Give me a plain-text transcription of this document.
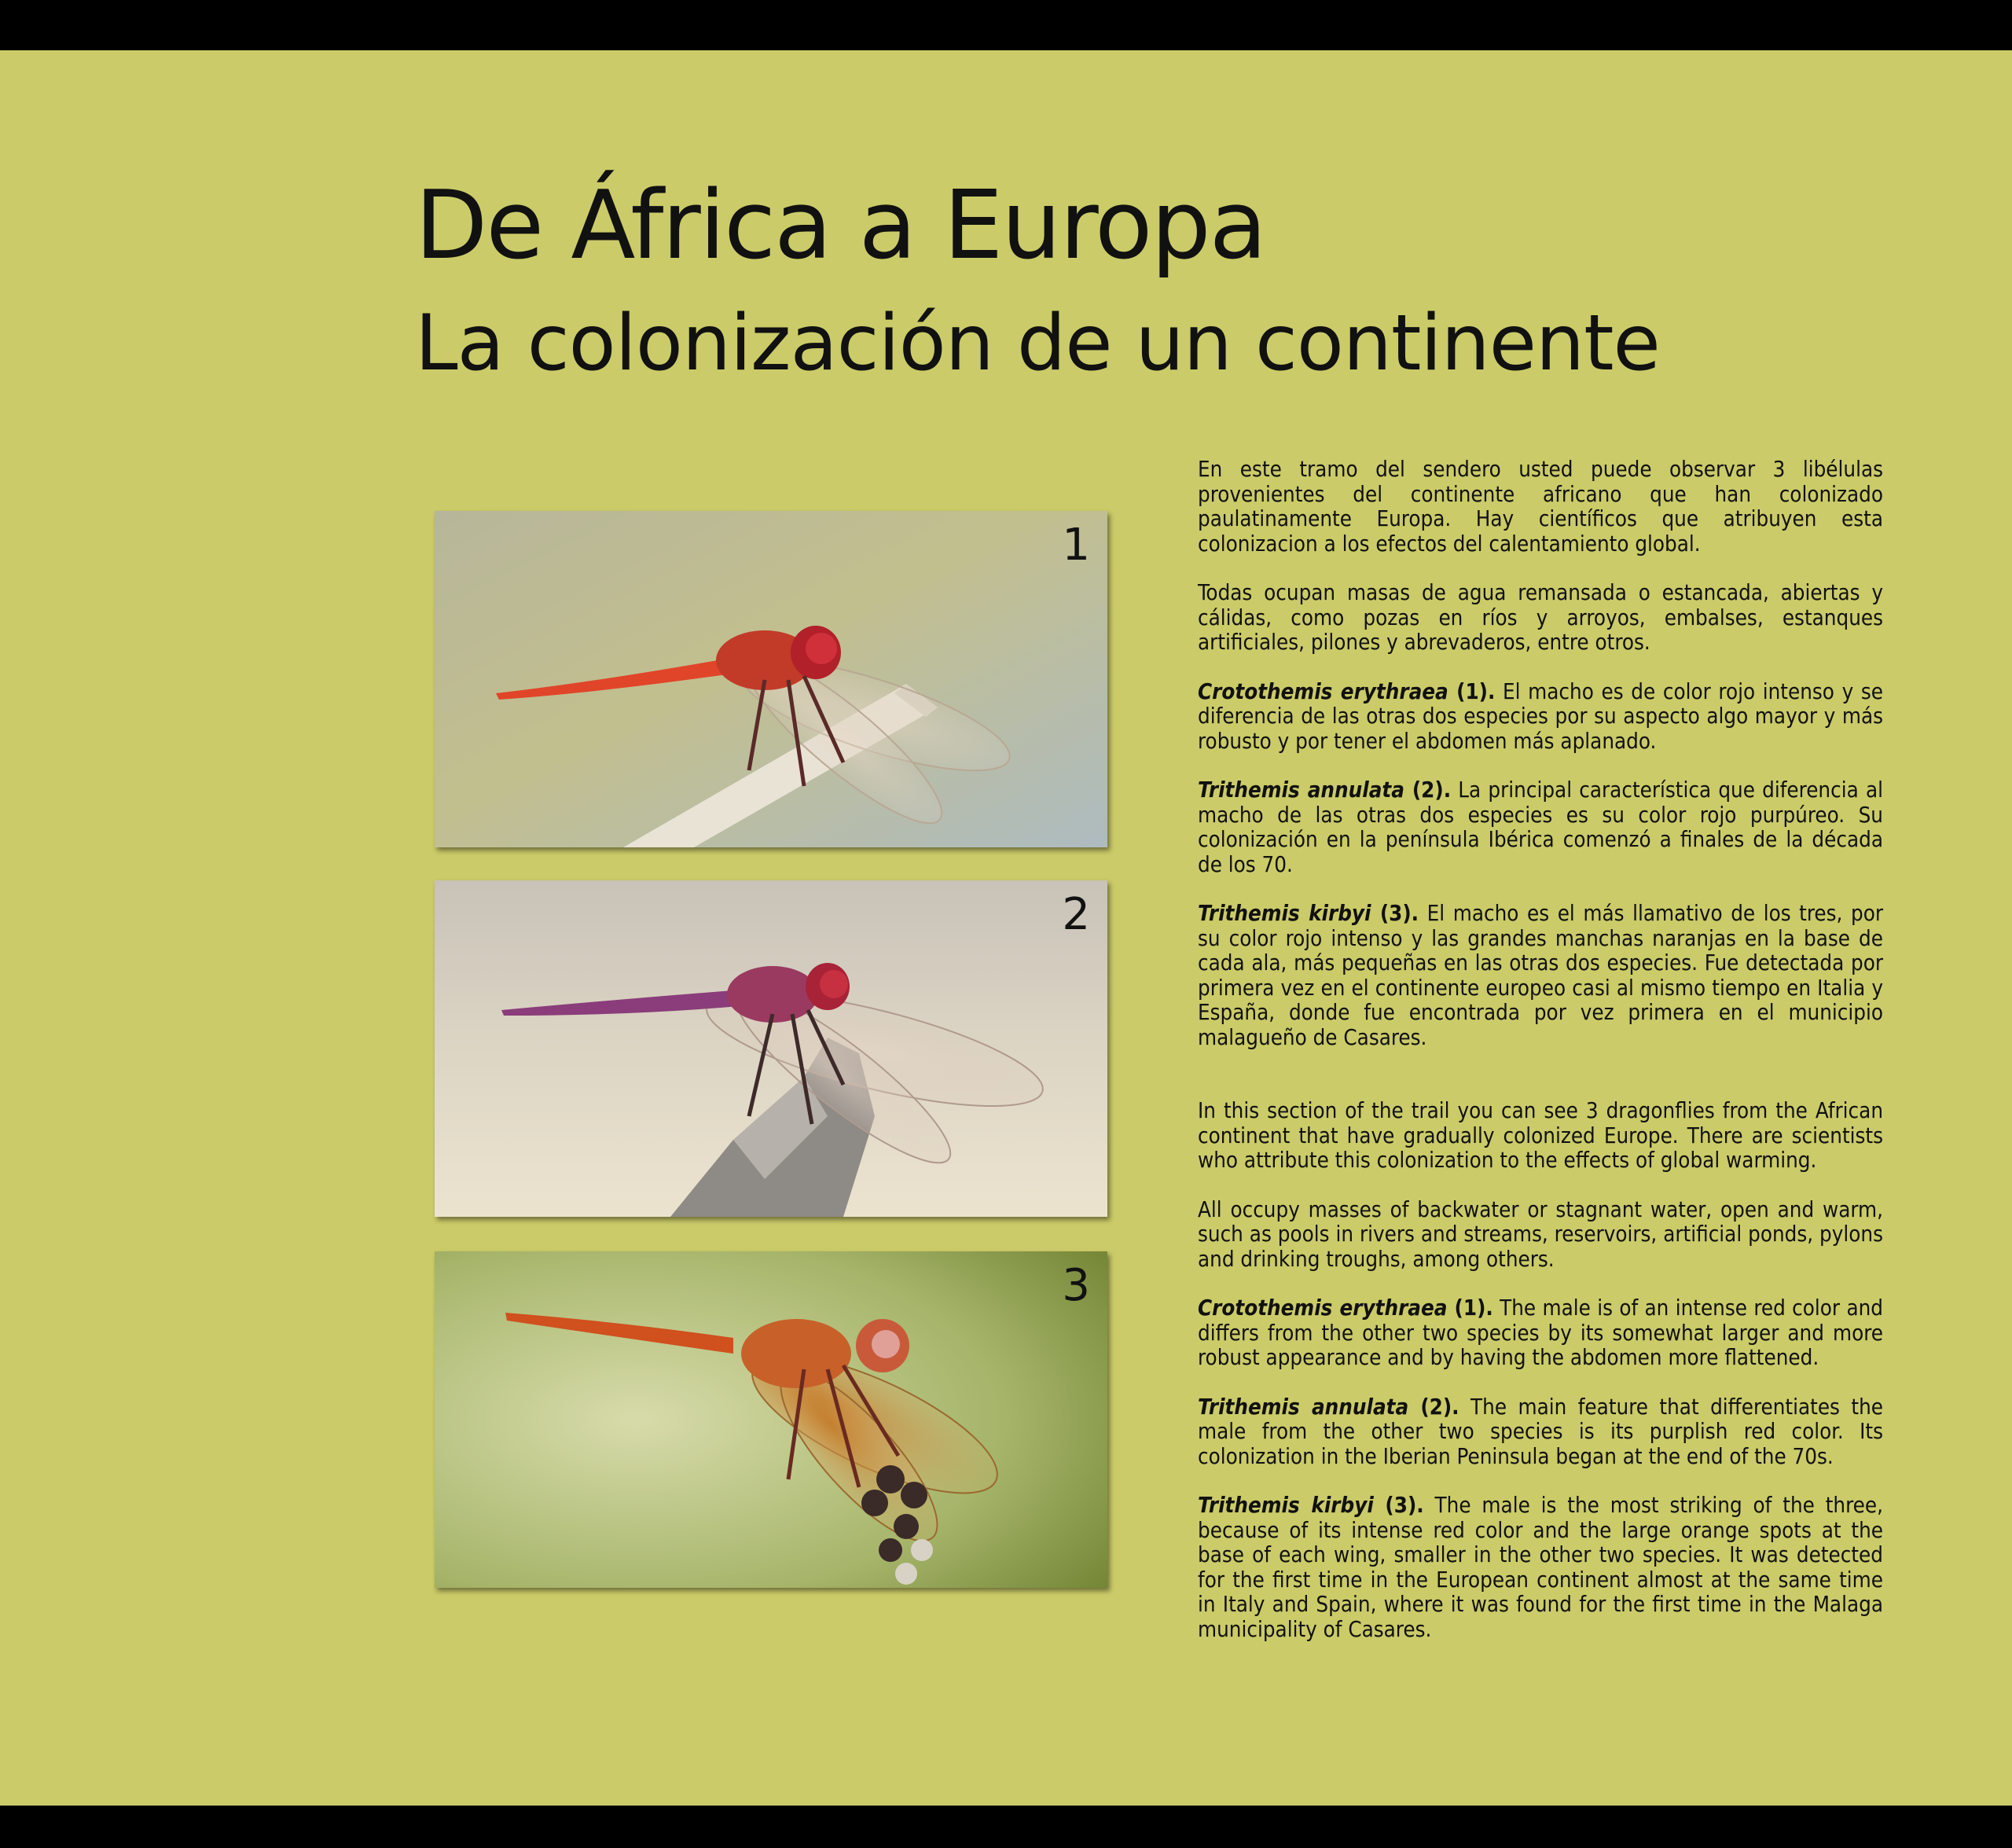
De África a Europa
La colonización de un continente
1
2
3

En este tramo del sendero usted puede observar 3 libélulas provenientes del continente africano que han colonizado paulatinamente Europa. Hay científicos que atribuyen esta colonizacion a los efectos del calentamiento global.

Todas ocupan masas de agua remansada o estancada, abiertas y cálidas, como pozas en ríos y arroyos, embalses, estanques artificiales, pilones y abrevaderos, entre otros.

Crotothemis erythraea (1). El macho es de color rojo intenso y se diferencia de las otras dos especies por su aspecto algo mayor y más robusto y por tener el abdomen más aplanado.

Trithemis annulata (2). La principal característica que diferencia al macho de las otras dos especies es su color rojo purpúreo. Su colonización en la península Ibérica comenzó a finales de la década de los 70.

Trithemis kirbyi (3). El macho es el más llamativo de los tres, por su color rojo intenso y las grandes manchas naranjas en la base de cada ala, más pequeñas en las otras dos especies. Fue detectada por primera vez en el continente europeo casi al mismo tiempo en Italia y España, donde fue encontrada por vez primera en el municipio malagueño de Casares.

In this section of the trail you can see 3 dragonflies from the African continent that have gradually colonized Europe. There are scientists who attribute this colonization to the effects of global warming.

All occupy masses of backwater or stagnant water, open and warm, such as pools in rivers and streams, reservoirs, artificial ponds, pylons and drinking troughs, among others.

Crotothemis erythraea (1). The male is of an intense red color and differs from the other two species by its somewhat larger and more robust appearance and by having the abdomen more flattened.

Trithemis annulata (2). The main feature that differentiates the male from the other two species is its purplish red color. Its colonization in the Iberian Peninsula began at the end of the 70s.

Trithemis kirbyi (3). The male is the most striking of the three, because of its intense red color and the large orange spots at the base of each wing, smaller in the other two species. It was detected for the first time in the European continent almost at the same time in Italy and Spain, where it was found for the first time in the Malaga municipality of Casares.
